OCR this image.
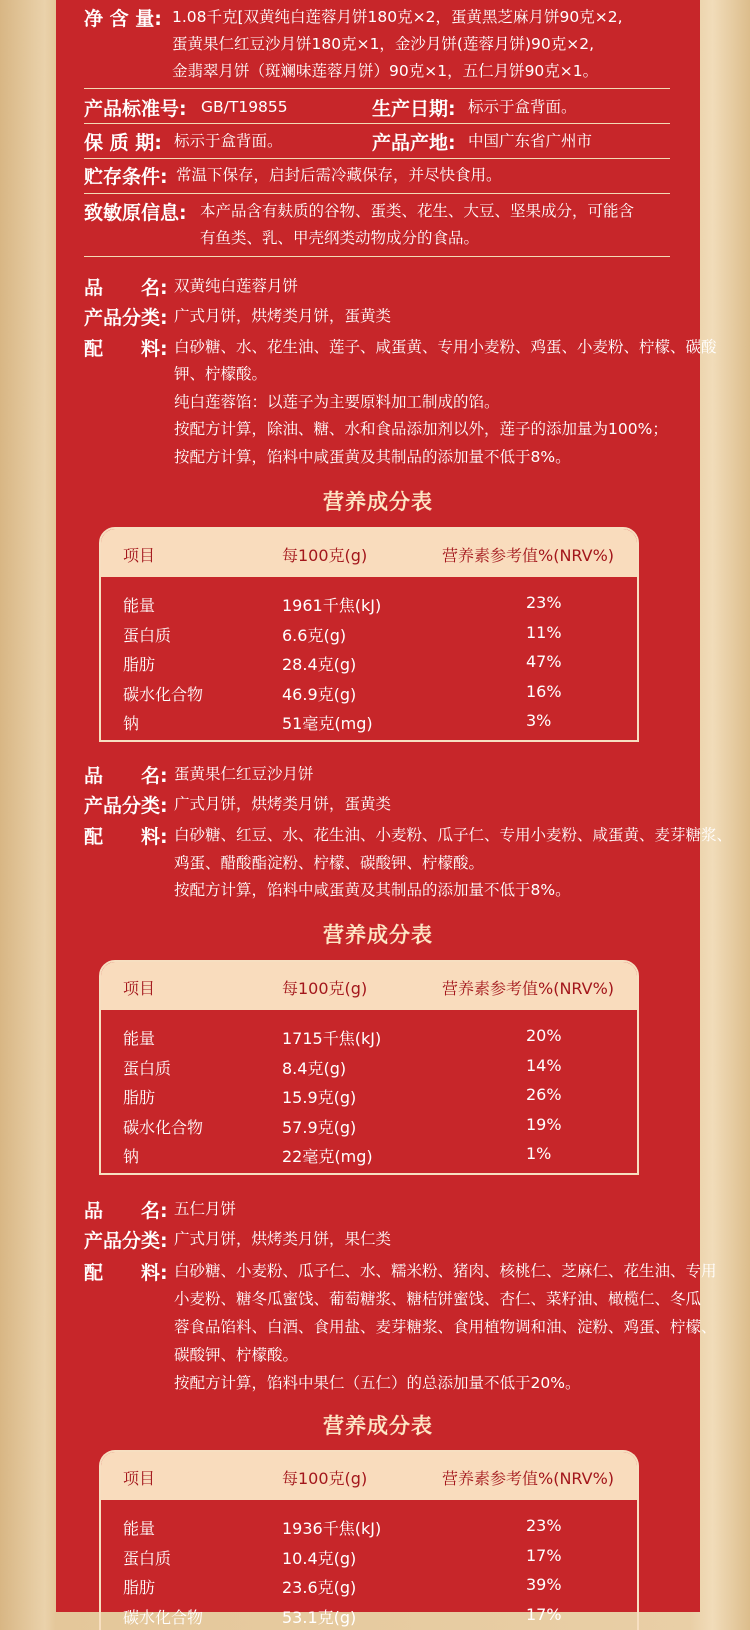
净 含 量: 1.08千克[双黄纯白莲蓉月饼180克×2，蛋黄黑芝麻月饼90克×2,
蛋黄果仁红豆沙月饼180克×1，金沙月饼(莲蓉月饼)90克×2,
金翡翠月饼（斑斓味莲蓉月饼）90克×1，五仁月饼90克×1。
产品标准号: GB/T19855	生产日期: 标示于盒背面。
保 质 期: 标示于盒背面。	产品产地: 中国广东省广州市
贮存条件: 常温下保存，启封后需冷藏保存，并尽快食用。
致敏原信息: 本产品含有麸质的谷物、蛋类、花生、大豆、坚果成分，可能含
有鱼类、乳、甲壳纲类动物成分的食品。
品　　名: 双黄纯白莲蓉月饼
产品分类: 广式月饼，烘烤类月饼，蛋黄类
配　　料: 白砂糖、水、花生油、莲子、咸蛋黄、专用小麦粉、鸡蛋、小麦粉、柠檬、碳酸
钾、柠檬酸。
纯白莲蓉馅：以莲子为主要原料加工制成的馅。
按配方计算，除油、糖、水和食品添加剂以外，莲子的添加量为100%；
按配方计算，馅料中咸蛋黄及其制品的添加量不低于8%。
营养成分表
项目	每100克(g)	营养素参考值%(NRV%)
能量	1961千焦(kJ)	23%
蛋白质	6.6克(g)	11%
脂肪	28.4克(g)	47%
碳水化合物	46.9克(g)	16%
钠	51毫克(mg)	3%
品　　名: 蛋黄果仁红豆沙月饼
产品分类: 广式月饼，烘烤类月饼，蛋黄类
配　　料: 白砂糖、红豆、水、花生油、小麦粉、瓜子仁、专用小麦粉、咸蛋黄、麦芽糖浆、
鸡蛋、醋酸酯淀粉、柠檬、碳酸钾、柠檬酸。
按配方计算，馅料中咸蛋黄及其制品的添加量不低于8%。
营养成分表
项目	每100克(g)	营养素参考值%(NRV%)
能量	1715千焦(kJ)	20%
蛋白质	8.4克(g)	14%
脂肪	15.9克(g)	26%
碳水化合物	57.9克(g)	19%
钠	22毫克(mg)	1%
品　　名: 五仁月饼
产品分类: 广式月饼，烘烤类月饼，果仁类
配　　料: 白砂糖、小麦粉、瓜子仁、水、糯米粉、猪肉、核桃仁、芝麻仁、花生油、专用
小麦粉、糖冬瓜蜜饯、葡萄糖浆、糖桔饼蜜饯、杏仁、菜籽油、橄榄仁、冬瓜
蓉食品馅料、白酒、食用盐、麦芽糖浆、食用植物调和油、淀粉、鸡蛋、柠檬、
碳酸钾、柠檬酸。
按配方计算，馅料中果仁（五仁）的总添加量不低于20%。
营养成分表
项目	每100克(g)	营养素参考值%(NRV%)
能量	1936千焦(kJ)	23%
蛋白质	10.4克(g)	17%
脂肪	23.6克(g)	39%
碳水化合物	53.1克(g)	17%
